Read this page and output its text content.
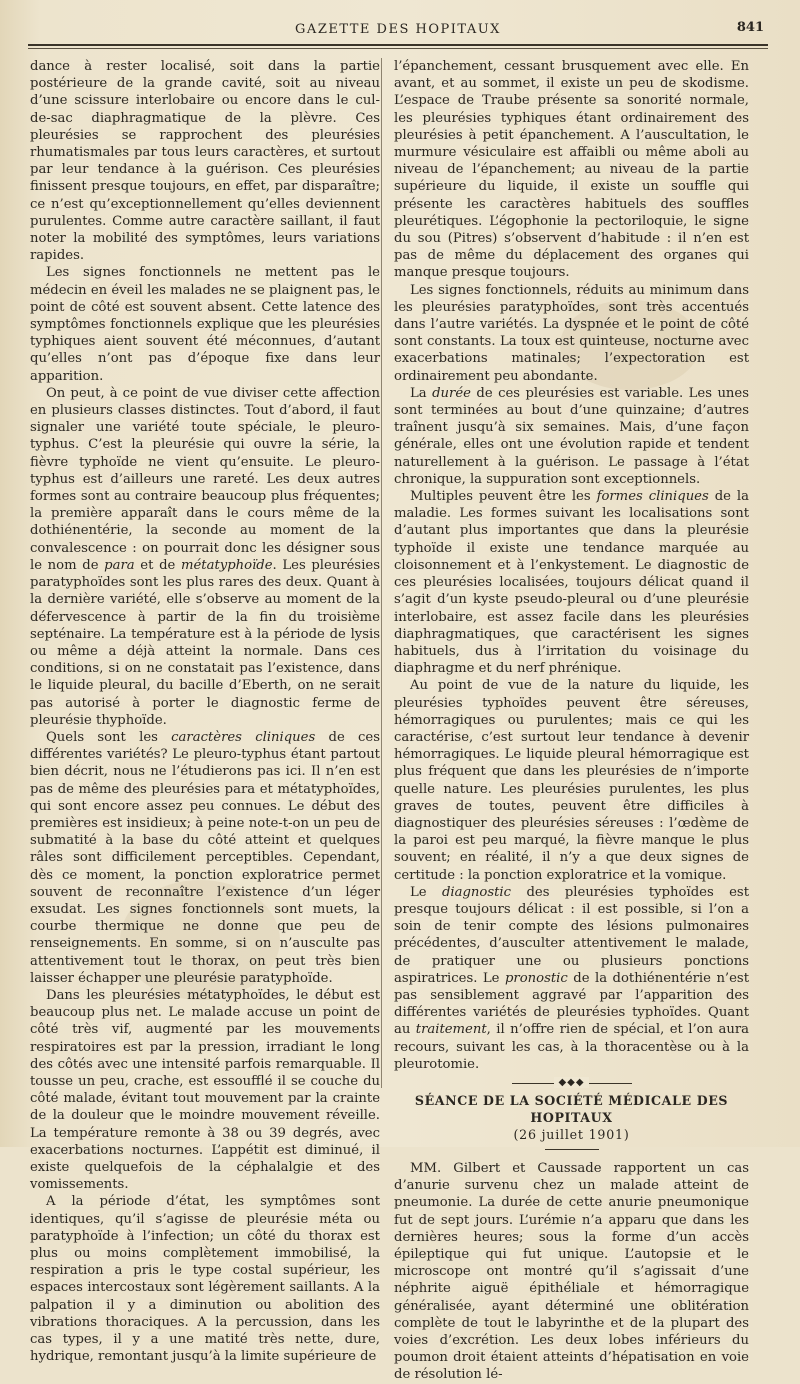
GAZETTE DES HOPITAUX	841

dance à rester localisé, soit dans la partie postérieure de la grande cavité, soit au niveau d’une scissure interlobaire ou encore dans le cul-de-sac diaphragmatique de la plèvre. Ces pleurésies se rapprochent des pleurésies rhumatismales par tous leurs caractères, et surtout par leur tendance à la guérison. Ces pleurésies finissent presque toujours, en effet, par disparaître; ce n’est qu’exceptionnellement qu’elles deviennent purulentes. Comme autre caractère saillant, il faut noter la mobilité des symptômes, leurs variations rapides.

Les signes fonctionnels ne mettent pas le médecin en éveil les malades ne se plaignent pas, le point de côté est souvent absent. Cette latence des symptômes fonctionnels explique que les pleurésies typhiques aient souvent été méconnues, d’autant qu’elles n’ont pas d’époque fixe dans leur apparition.

On peut, à ce point de vue diviser cette affection en plusieurs classes distinctes. Tout d’abord, il faut signaler une variété toute spéciale, le pleuro-typhus. C’est la pleurésie qui ouvre la série, la fièvre typhoïde ne vient qu’ensuite. Le pleuro-typhus est d’ailleurs une rareté. Les deux autres formes sont au contraire beaucoup plus fréquentes; la première apparaît dans le cours même de la dothiénentérie, la seconde au moment de la convalescence : on pourrait donc les désigner sous le nom de para et de métatyphoïde. Les pleurésies paratyphoïdes sont les plus rares des deux. Quant à la dernière variété, elle s’observe au moment de la défervescence à partir de la fin du troisième septénaire. La température est à la période de lysis ou même a déjà atteint la normale. Dans ces conditions, si on ne constatait pas l’existence, dans le liquide pleural, du bacille d’Eberth, on ne serait pas autorisé à porter le diagnostic ferme de pleurésie thyphoïde.

Quels sont les caractères cliniques de ces différentes variétés? Le pleuro-typhus étant partout bien décrit, nous ne l’étudierons pas ici. Il n’en est pas de même des pleurésies para et métatyphoïdes, qui sont encore assez peu connues. Le début des premières est insidieux; à peine note-t-on un peu de submatité à la base du côté atteint et quelques râles sont difficilement perceptibles. Cependant, dès ce moment, la ponction exploratrice permet souvent de reconnaître l’existence d’un léger exsudat. Les signes fonctionnels sont muets, la courbe thermique ne donne que peu de renseignements. En somme, si on n’ausculte pas attentivement tout le thorax, on peut très bien laisser échapper une pleurésie paratyphoïde.

Dans les pleurésies métatyphoïdes, le début est beaucoup plus net. Le malade accuse un point de côté très vif, augmenté par les mouvements respiratoires est par la pression, irradiant le long des côtés avec une intensité parfois remarquable. Il tousse un peu, crache, est essoufflé il se couche du côté malade, évitant tout mouvement par la crainte de la douleur que le moindre mouvement réveille. La température remonte à 38 ou 39 degrés, avec exacerbations nocturnes. L’appétit est diminué, il existe quelquefois de la céphalalgie et des vomissements.

A la période d’état, les symptômes sont identiques, qu’il s’agisse de pleurésie méta ou paratyphoïde à l’infection; un côté du thorax est plus ou moins complètement immobilisé, la respiration a pris le type costal supérieur, les espaces intercostaux sont légèrement saillants. A la palpation il y a diminution ou abolition des vibrations thoraciques. A la percussion, dans les cas types, il y a une matité très nette, dure, hydrique, remontant jusqu’à la limite supérieure de

l’épanchement, cessant brusquement avec elle. En avant, et au sommet, il existe un peu de skodisme. L’espace de Traube présente sa sonorité normale, les pleurésies typhiques étant ordinairement des pleurésies à petit épanchement. A l’auscultation, le murmure vésiculaire est affaibli ou même aboli au niveau de l’épanchement; au niveau de la partie supérieure du liquide, il existe un souffle qui présente les caractères habituels des souffles pleurétiques. L’égophonie la pectoriloquie, le signe du sou (Pitres) s’observent d’habitude : il n’en est pas de même du déplacement des organes qui manque presque toujours.

Les signes fonctionnels, réduits au minimum dans les pleurésies paratyphoïdes, sont très accentués dans l’autre variétés. La dyspnée et le point de côté sont constants. La toux est quinteuse, nocturne avec exacerbations matinales; l’expectoration est ordinairement peu abondante.

La durée de ces pleurésies est variable. Les unes sont terminées au bout d’une quinzaine; d’autres traînent jusqu’à six semaines. Mais, d’une façon générale, elles ont une évolution rapide et tendent naturellement à la guérison. Le passage à l’état chronique, la suppuration sont exceptionnels.

Multiples peuvent être les formes cliniques de la maladie. Les formes suivant les localisations sont d’autant plus importantes que dans la pleurésie typhoïde il existe une tendance marquée au cloisonnement et à l’enkystement. Le diagnostic de ces pleurésies localisées, toujours délicat quand il s’agit d’un kyste pseudo-pleural ou d’une pleurésie interlobaire, est assez facile dans les pleurésies diaphragmatiques, que caractérisent les signes habituels, dus à l’irritation du voisinage du diaphragme et du nerf phrénique.

Au point de vue de la nature du liquide, les pleurésies typhoïdes peuvent être séreuses, hémorragiques ou purulentes; mais ce qui les caractérise, c’est surtout leur tendance à devenir hémorragiques. Le liquide pleural hémorragique est plus fréquent que dans les pleurésies de n’importe quelle nature. Les pleurésies purulentes, les plus graves de toutes, peuvent être difficiles à diagnostiquer des pleurésies séreuses : l’œdème de la paroi est peu marqué, la fièvre manque le plus souvent; en réalité, il n’y a que deux signes de certitude : la ponction exploratrice et la vomique.

Le diagnostic des pleurésies typhoïdes est presque toujours délicat : il est possible, si l’on a soin de tenir compte des lésions pulmonaires précédentes, d’ausculter attentivement le malade, de pratiquer une ou plusieurs ponctions aspiratrices. Le pronostic de la dothiénentérie n’est pas sensiblement aggravé par l’apparition des différentes variétés de pleurésies typhoïdes. Quant au traitement, il n’offre rien de spécial, et l’on aura recours, suivant les cas, à la thoracentèse ou à la pleurotomie.

◆◆◆
SÉANCE DE LA SOCIÉTÉ MÉDICALE DES HOPITAUX
(26 juillet 1901)

MM. Gilbert et Caussade rapportent un cas d’anurie survenu chez un malade atteint de pneumonie. La durée de cette anurie pneumonique fut de sept jours. L’urémie n’a apparu que dans les dernières heures; sous la forme d’un accès épileptique qui fut unique. L’autopsie et le microscope ont montré qu’il s’agissait d’une néphrite aiguë épithéliale et hémorragique généralisée, ayant déterminé une oblitération complète de tout le labyrinthe et de la plupart des voies d’excrétion. Les deux lobes inférieurs du poumon droit étaient atteints d’hépatisation en voie de résolution lé-
